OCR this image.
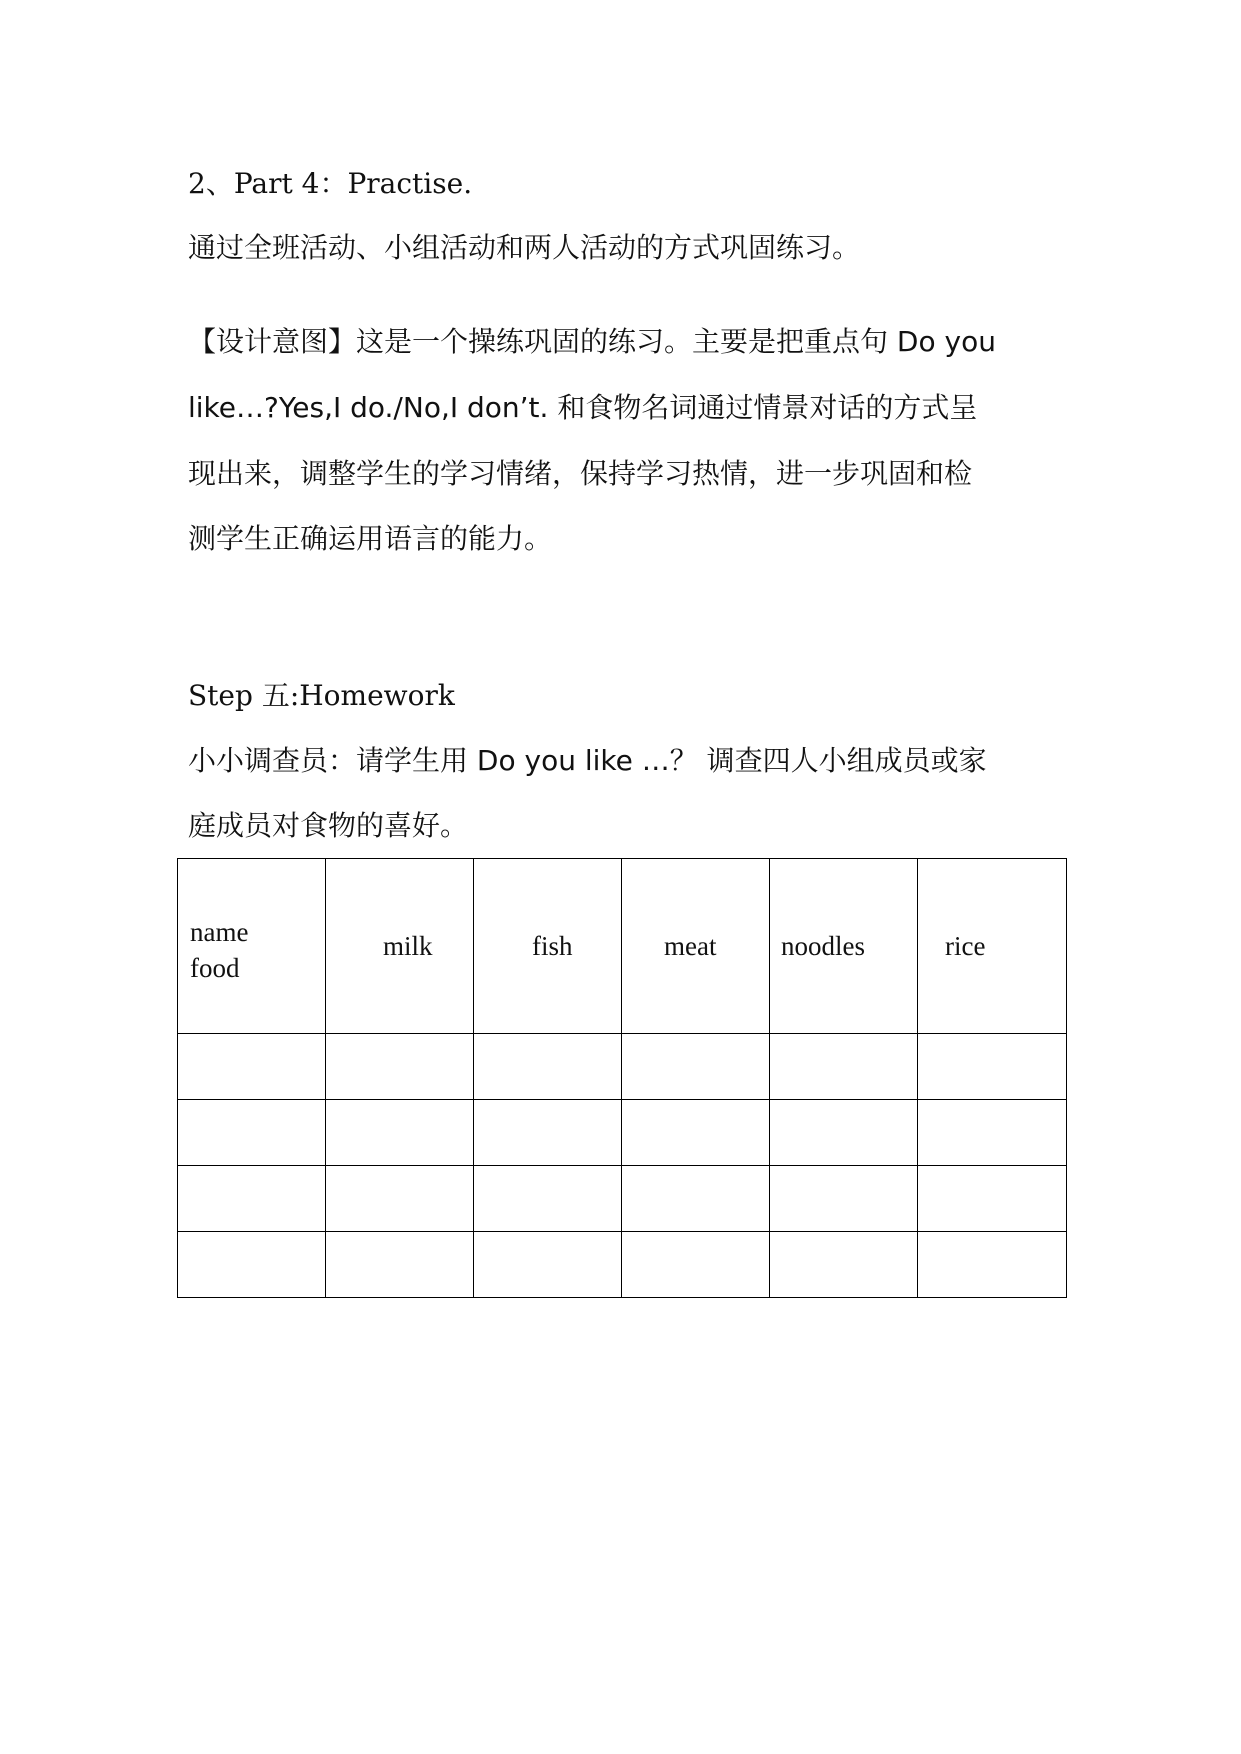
2、Part 4：Practise.
通过全班活动、小组活动和两人活动的方式巩固练习。
【设计意图】这是一个操练巩固的练习。主要是把重点句 Do you
like…?Yes,I do./No,I don’t. 和食物名词通过情景对话的方式呈
现出来，调整学生的学习情绪，保持学习热情，进一步巩固和检
测学生正确运用语言的能力。
Step 五:Homework
小小调查员：请学生用 Do you like …？ 调查四人小组成员或家
庭成员对食物的喜好。
name
food	milk	fish	meat	noodles	rice
